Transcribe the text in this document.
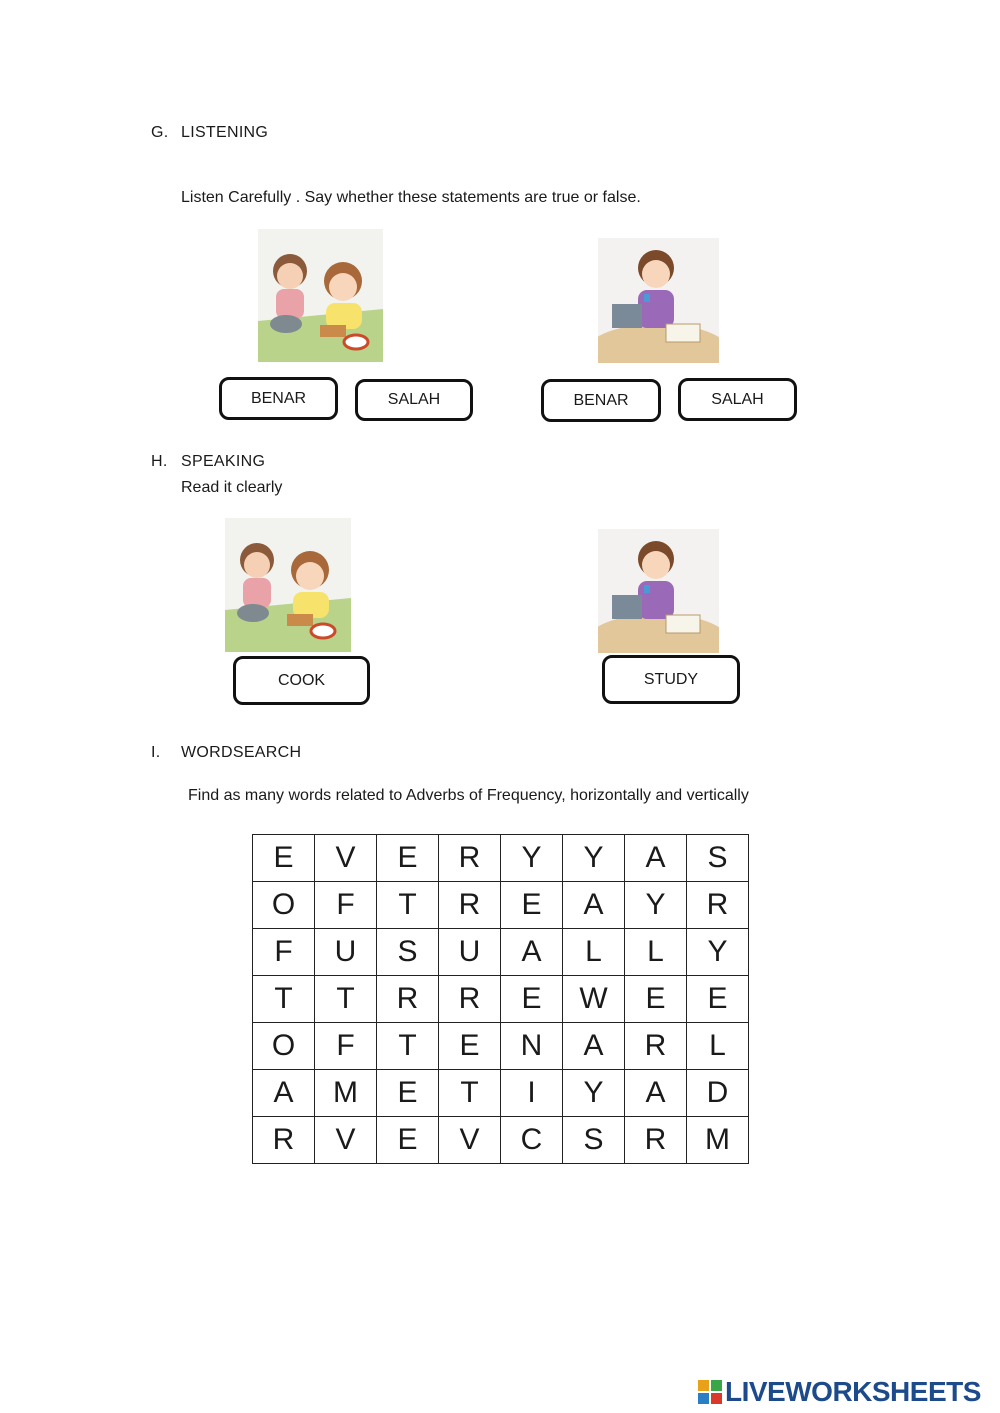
G. LISTENING
Listen Carefully . Say whether these statements are true or false.
BENAR	SALAH	BENAR	SALAH
H. SPEAKING
Read it clearly
COOK	STUDY
I. WORDSEARCH
Find as many words related to Adverbs of Frequency, horizontally and vertically
E	V	E	R	Y	Y	A	S
O	F	T	R	E	A	Y	R
F	U	S	U	A	L	L	Y
T	T	R	R	E	W	E	E
O	F	T	E	N	A	R	L
A	M	E	T	I	Y	A	D
R	V	E	V	C	S	R	M
LIVEWORKSHEETS
